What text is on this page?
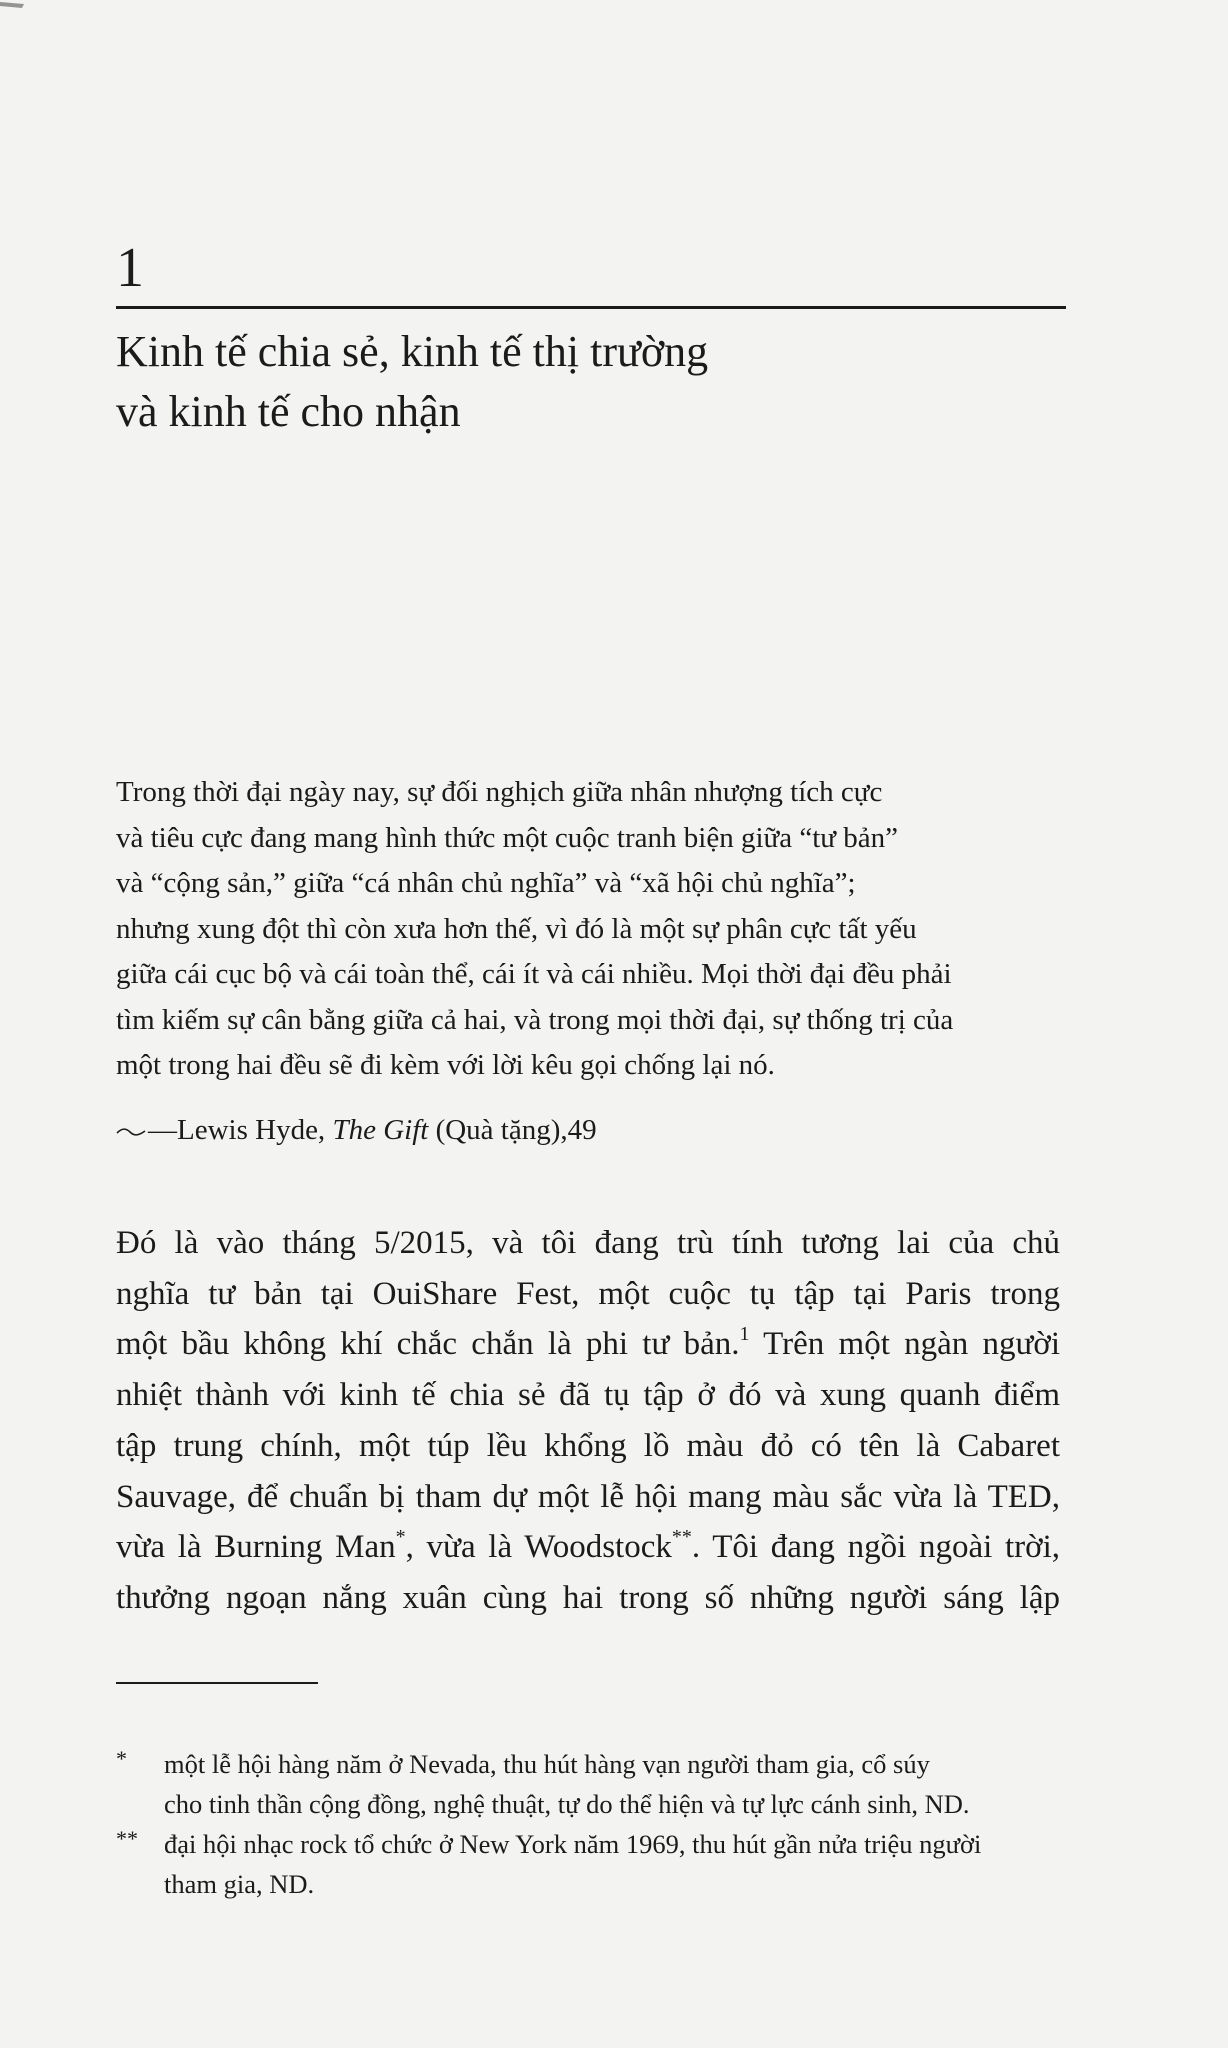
1
Kinh tế chia sẻ, kinh tế thị trường
và kinh tế cho nhận
Trong thời đại ngày nay, sự đối nghịch giữa nhân nhượng tích cực
và tiêu cực đang mang hình thức một cuộc tranh biện giữa “tư bản”
và “cộng sản,” giữa “cá nhân chủ nghĩa” và “xã hội chủ nghĩa”;
nhưng xung đột thì còn xưa hơn thế, vì đó là một sự phân cực tất yếu
giữa cái cục bộ và cái toàn thể, cái ít và cái nhiều. Mọi thời đại đều phải
tìm kiếm sự cân bằng giữa cả hai, và trong mọi thời đại, sự thống trị của
một trong hai đều sẽ đi kèm với lời kêu gọi chống lại nó.
—Lewis Hyde, The Gift (Quà tặng),49
Đó là vào tháng 5/2015, và tôi đang trù tính tương lai của chủ
nghĩa tư bản tại OuiShare Fest, một cuộc tụ tập tại Paris trong
một bầu không khí chắc chắn là phi tư bản.$^1$ Trên một ngàn người
nhiệt thành với kinh tế chia sẻ đã tụ tập ở đó và xung quanh điểm
tập trung chính, một túp lều khổng lồ màu đỏ có tên là Cabaret
Sauvage, để chuẩn bị tham dự một lễ hội mang màu sắc vừa là TED,
vừa là Burning Man*, vừa là Woodstock**. Tôi đang ngồi ngoài trời,
thưởng ngoạn nắng xuân cùng hai trong số những người sáng lập
* một lễ hội hàng năm ở Nevada, thu hút hàng vạn người tham gia, cổ súy
cho tinh thần cộng đồng, nghệ thuật, tự do thể hiện và tự lực cánh sinh, ND.
** đại hội nhạc rock tổ chức ở New York năm 1969, thu hút gần nửa triệu người
tham gia, ND.
